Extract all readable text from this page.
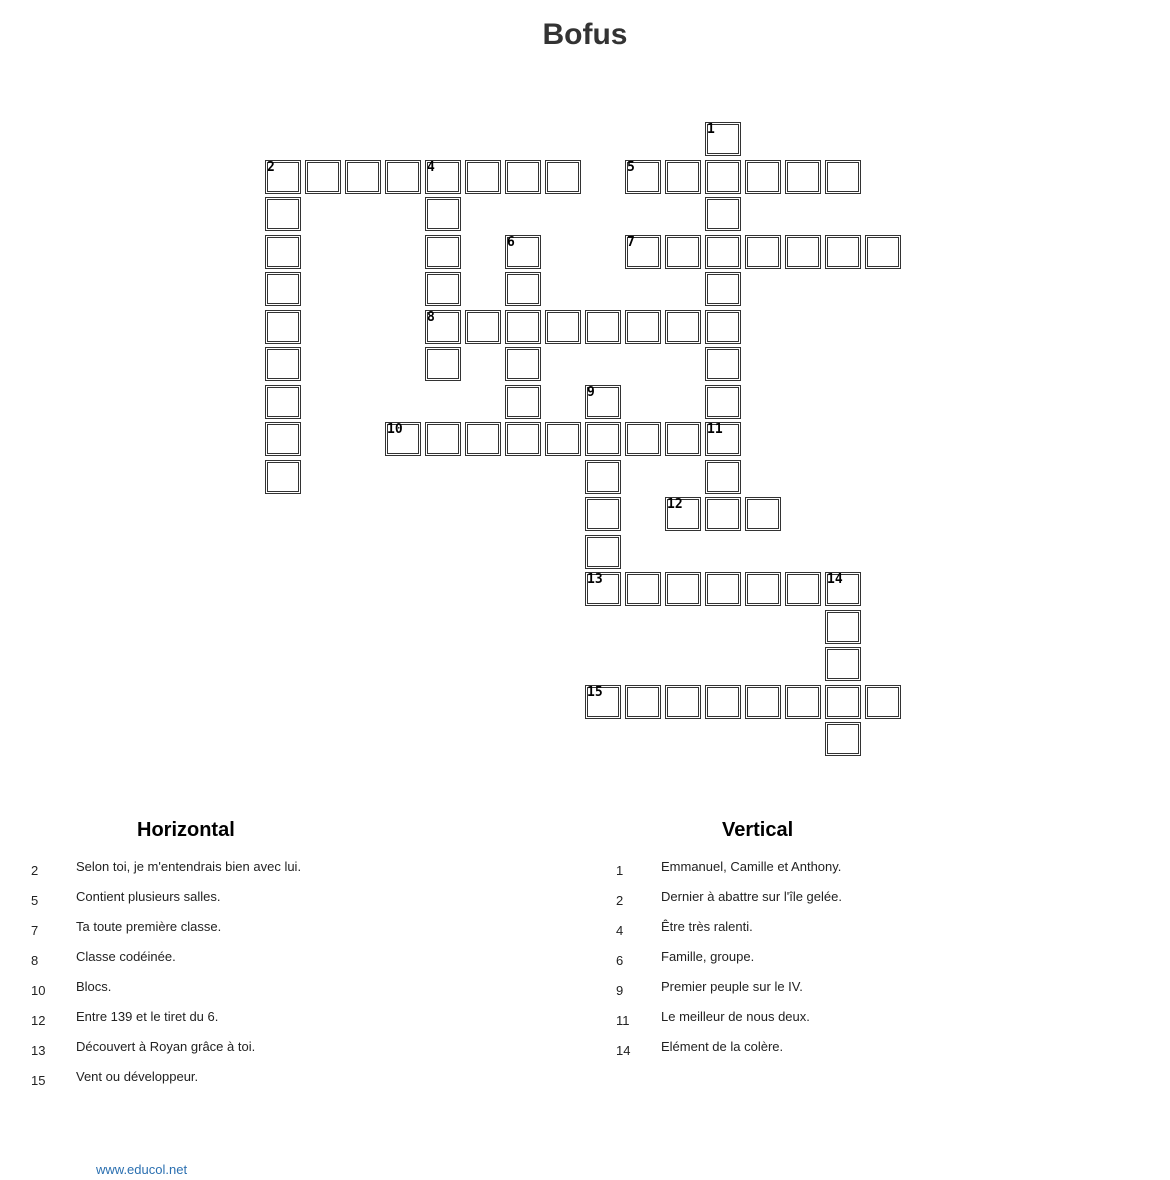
Bofus
1
2	4
8
5
6	7
9
13
10	11
12
14
15
Horizontal
2	Selon toi, je m'entendrais bien avec lui.
5	Contient plusieurs salles.
7	Ta toute première classe.
8	Classe codéinée.
10	Blocs.
12	Entre 139 et le tiret du 6.
13	Découvert à Royan grâce à toi.
15	Vent ou développeur.
Vertical
1	Emmanuel, Camille et Anthony.
2	Dernier à abattre sur l'île gelée.
4	Être très ralenti.
6	Famille, groupe.
9	Premier peuple sur le IV.
11	Le meilleur de nous deux.
14	Elément de la colère.
www.educol.net
